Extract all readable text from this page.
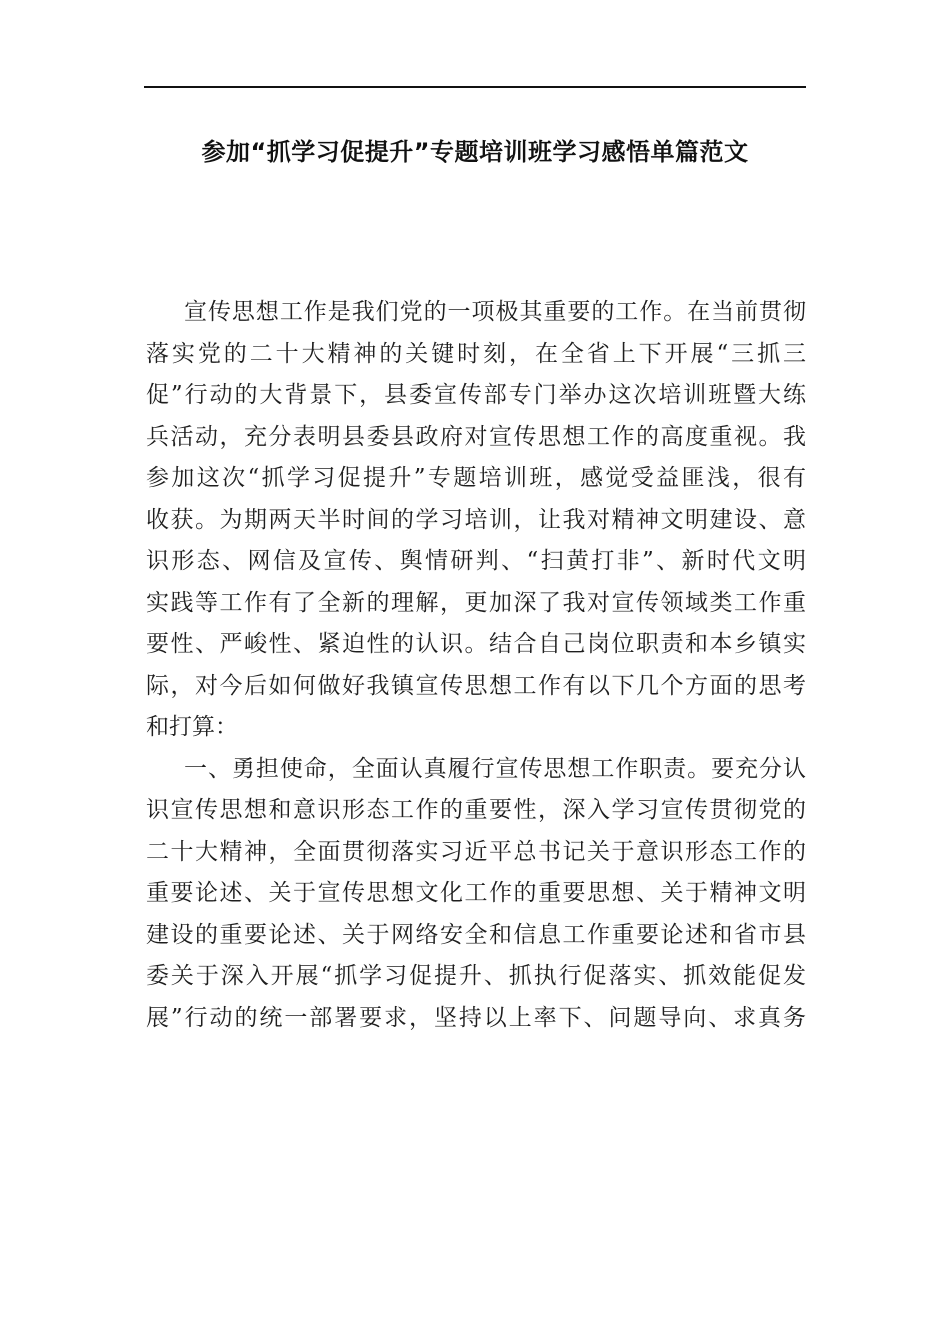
参加“抓学习促提升”专题培训班学习感悟单篇范文

宣传思想工作是我们党的一项极其重要的工作。在当前贯彻
落实党的二十大精神的关键时刻，在全省上下开展“三抓三
促”行动的大背景下，县委宣传部专门举办这次培训班暨大练
兵活动，充分表明县委县政府对宣传思想工作的高度重视。我
参加这次“抓学习促提升”专题培训班，感觉受益匪浅，很有
收获。为期两天半时间的学习培训，让我对精神文明建设、意
识形态、网信及宣传、舆情研判、“扫黄打非”、新时代文明
实践等工作有了全新的理解，更加深了我对宣传领域类工作重
要性、严峻性、紧迫性的认识。结合自己岗位职责和本乡镇实
际，对今后如何做好我镇宣传思想工作有以下几个方面的思考
和打算：

一、勇担使命，全面认真履行宣传思想工作职责。要充分认
识宣传思想和意识形态工作的重要性，深入学习宣传贯彻党的
二十大精神，全面贯彻落实习近平总书记关于意识形态工作的
重要论述、关于宣传思想文化工作的重要思想、关于精神文明
建设的重要论述、关于网络安全和信息工作重要论述和省市县
委关于深入开展“抓学习促提升、抓执行促落实、抓效能促发
展”行动的统一部署要求，坚持以上率下、问题导向、求真务
